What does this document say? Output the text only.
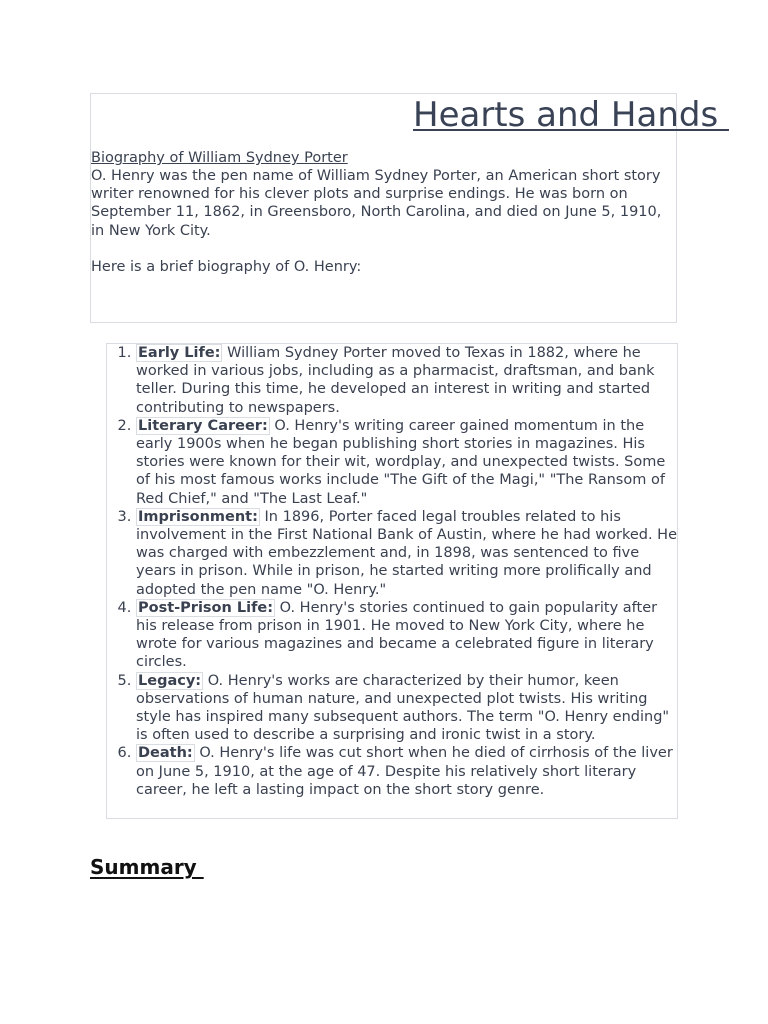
Hearts and Hands
Biography of William Sydney Porter

O. Henry was the pen name of William Sydney Porter, an American short story writer renowned for his clever plots and surprise endings. He was born on September 11, 1862, in Greensboro, North Carolina, and died on June 5, 1910, in New York City.

Here is a brief biography of O. Henry:

1. Early Life: William Sydney Porter moved to Texas in 1882, where he worked in various jobs, including as a pharmacist, draftsman, and bank teller. During this time, he developed an interest in writing and started contributing to newspapers.
2. Literary Career: O. Henry's writing career gained momentum in the early 1900s when he began publishing short stories in magazines. His stories were known for their wit, wordplay, and unexpected twists. Some of his most famous works include "The Gift of the Magi," "The Ransom of Red Chief," and "The Last Leaf."
3. Imprisonment: In 1896, Porter faced legal troubles related to his involvement in the First National Bank of Austin, where he had worked. He was charged with embezzlement and, in 1898, was sentenced to five years in prison. While in prison, he started writing more prolifically and adopted the pen name "O. Henry."
4. Post-Prison Life: O. Henry's stories continued to gain popularity after his release from prison in 1901. He moved to New York City, where he wrote for various magazines and became a celebrated figure in literary circles.
5. Legacy: O. Henry's works are characterized by their humor, keen observations of human nature, and unexpected plot twists. His writing style has inspired many subsequent authors. The term "O. Henry ending" is often used to describe a surprising and ironic twist in a story.
6. Death: O. Henry's life was cut short when he died of cirrhosis of the liver on June 5, 1910, at the age of 47. Despite his relatively short literary career, he left a lasting impact on the short story genre.
Summary
